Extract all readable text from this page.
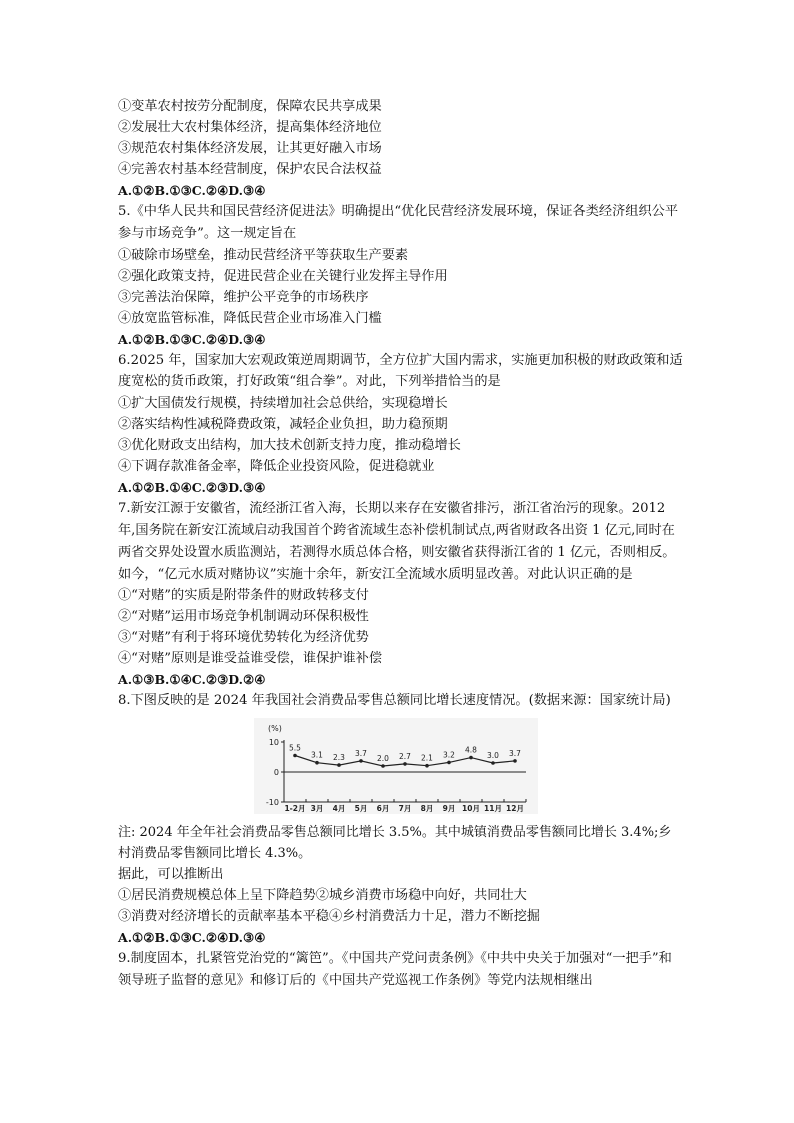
①变革农村按劳分配制度，保障农民共享成果
②发展壮大农村集体经济，提高集体经济地位
③规范农村集体经济发展，让其更好融入市场
④完善农村基本经营制度，保护农民合法权益
A.①②B.①③C.②④D.③④
5.《中华人民共和国民营经济促进法》明确提出“优化民营经济发展环境，保证各类经济组织公平参与市场竞争”。这一规定旨在
①破除市场壁垒，推动民营经济平等获取生产要素
②强化政策支持，促进民营企业在关键行业发挥主导作用
③完善法治保障，维护公平竞争的市场秩序
④放宽监管标准，降低民营企业市场准入门槛
A.①②B.①③C.②④D.③④
6.2025 年，国家加大宏观政策逆周期调节，全方位扩大国内需求，实施更加积极的财政政策和适度宽松的货币政策，打好政策“组合拳”。对此，下列举措恰当的是
①扩大国债发行规模，持续增加社会总供给，实现稳增长
②落实结构性减税降费政策，减轻企业负担，助力稳预期
③优化财政支出结构，加大技术创新支持力度，推动稳增长
④下调存款准备金率，降低企业投资风险，促进稳就业
A.①②B.①④C.②③D.③④
7.新安江源于安徽省，流经浙江省入海，长期以来存在安徽省排污，浙江省治污的现象。2012 年,国务院在新安江流域启动我国首个跨省流域生态补偿机制试点,两省财政各出资 1 亿元,同时在两省交界处设置水质监测站，若测得水质总体合格，则安徽省获得浙江省的 1 亿元，否则相反。如今，“亿元水质对赌协议”实施十余年，新安江全流域水质明显改善。对此认识正确的是
①“对赌”的实质是附带条件的财政转移支付
②“对赌”运用市场竞争机制调动环保积极性
③“对赌”有利于将环境优势转化为经济优势
④“对赌”原则是谁受益谁受偿，谁保护谁补偿
A.①③B.①④C.②③D.②④
8.下图反映的是 2024 年我国社会消费品零售总额同比增长速度情况。(数据来源：国家统计局)
(%)
10
0
-10
1-2月 3月 4月 5月 6月 7月 8月 9月 10月 11月 12月
5.5
3.1 2.3 3.7
2.0 2.7 2.1 3.2
4.8
3.0 3.7
注: 2024 年全年社会消费品零售总额同比增长 3.5%。其中城镇消费品零售额同比增长 3.4%;乡村消费品零售额同比增长 4.3%。
据此，可以推断出
①居民消费规模总体上呈下降趋势②城乡消费市场稳中向好，共同壮大
③消费对经济增长的贡献率基本平稳④乡村消费活力十足，潜力不断挖掘
A.①②B.①③C.②④D.③④
9.制度固本，扎紧管党治党的“篱笆”。《中国共产党问责条例》《中共中央关于加强对“一把手”和领导班子监督的意见》和修订后的《中国共产党巡视工作条例》等党内法规相继出
